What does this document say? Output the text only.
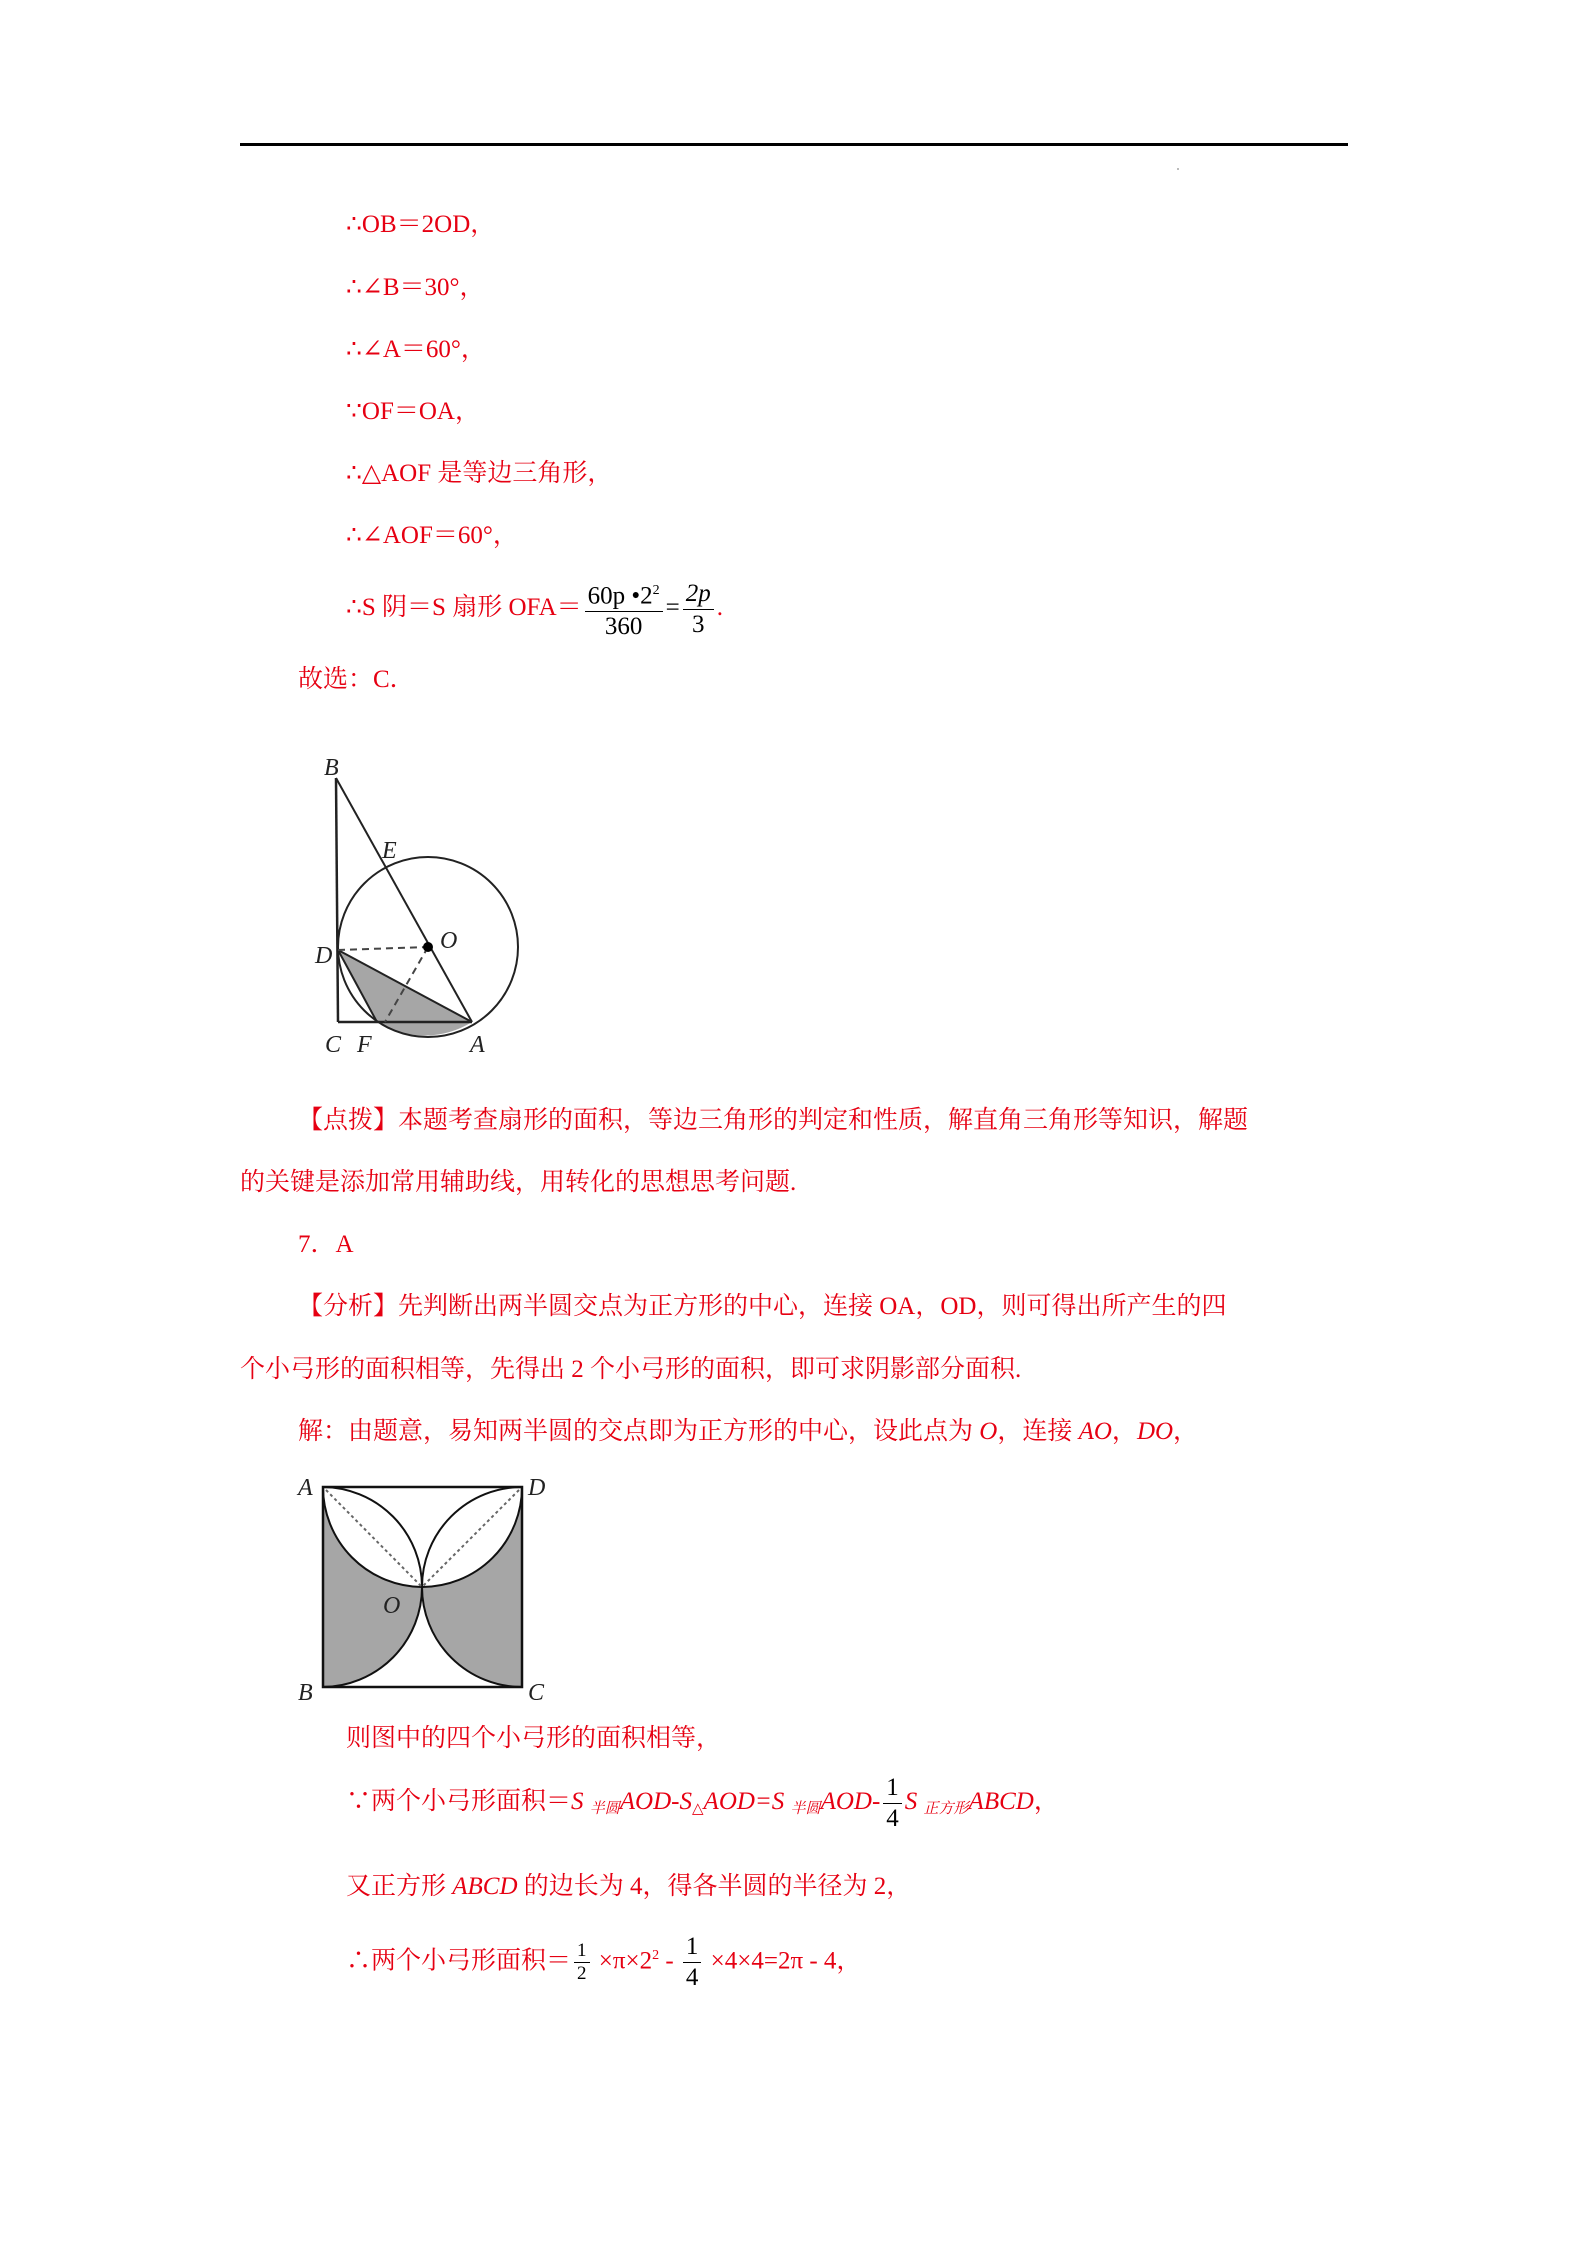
∴OB＝2OD，
∴∠B＝30°，
∴∠A＝60°，
∵OF＝OA，
∴△AOF 是等边三角形，
∴∠AOF＝60°，
∴S 阴＝S 扇形 $OFA= \frac{60p •2^2}{360} = \frac{2p}{3}$ .
故选：C．
B
E
O
D
C F	A
【点拨】本题考查扇形的面积，等边三角形的判定和性质，解直角三角形等知识，解题
的关键是添加常用辅助线，用转化的思想思考问题.
7．A
【分析】先判断出两半圆交点为正方形的中心，连接 OA，OD，则可得出所产生的四
个小弓形的面积相等，先得出 2 个小弓形的面积，即可求阴影部分面积.
解：由题意，易知两半圆的交点即为正方形的中心，设此点为 O，连接 AO，DO，
A	D
O
B	C
则图中的四个小弓形的面积相等，
∵两个小弓形面积＝S $_{半圆}AOD-S_\triangle AOD=S$ $_{半圆}AOD- \frac{1}{4}$ S $_{正方形}$ABCD，
又正方形 ABCD 的边长为 4，得各半圆的半径为 2，
∴两个小弓形面积＝ $\frac{1}{2} \times\pi\times 2^2 - \frac{1}{4} \times 4\times 4=2\pi - 4$，
